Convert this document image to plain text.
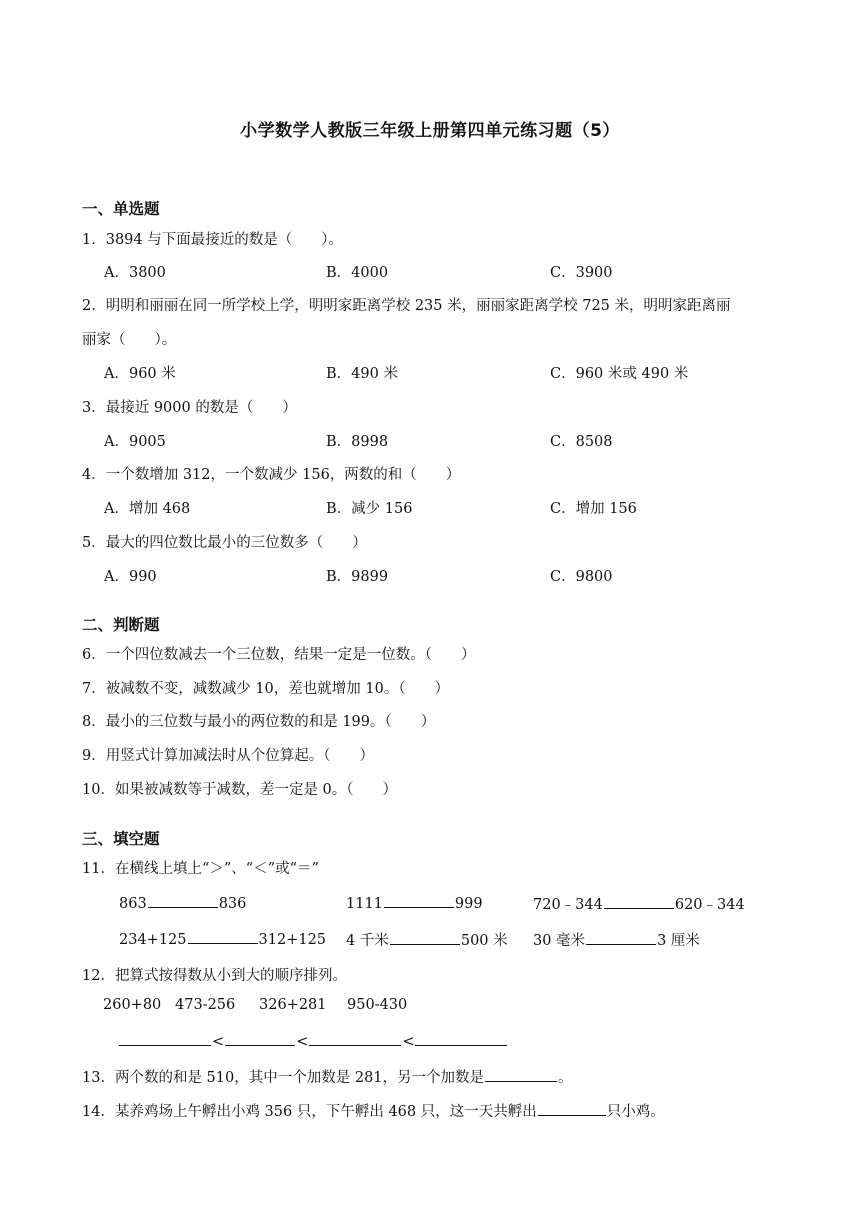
小学数学人教版三年级上册第四单元练习题（5）
一、单选题
1．3894 与下面最接近的数是（　　）。
A．3800	B．4000	C．3900
2．明明和丽丽在同一所学校上学，明明家距离学校 235 米，丽丽家距离学校 725 米，明明家距离丽
丽家（　　）。
A．960 米	B．490 米	C．960 米或 490 米
3．最接近 9000 的数是（　　）
A．9005	B．8998	C．8508
4．一个数增加 312，一个数减少 156，两数的和（　　）
A．增加 468	B．减少 156	C．增加 156
5．最大的四位数比最小的三位数多（　　）
A．990	B．9899	C．9800
二、判断题
6．一个四位数减去一个三位数，结果一定是一位数。（　　）
7．被减数不变，减数减少 10，差也就增加 10。（　　）
8．最小的三位数与最小的两位数的和是 199。（　　）
9．用竖式计算加减法时从个位算起。（　　）
10．如果被减数等于减数，差一定是 0。（　　）
三、填空题
11．在横线上填上“＞”、“＜”或“＝”
863	836	1111	999	720﹣344	620﹣344
234+125	312+125 4 千米	500 米 30 毫米	3 厘米
12．把算式按得数从小到大的顺序排列。
260+80 473-256 326+281 950-430
<	<	<
13．两个数的和是 510，其中一个加数是 281，另一个加数是	。
14．某养鸡场上午孵出小鸡 356 只，下午孵出 468 只，这一天共孵出	只小鸡。
